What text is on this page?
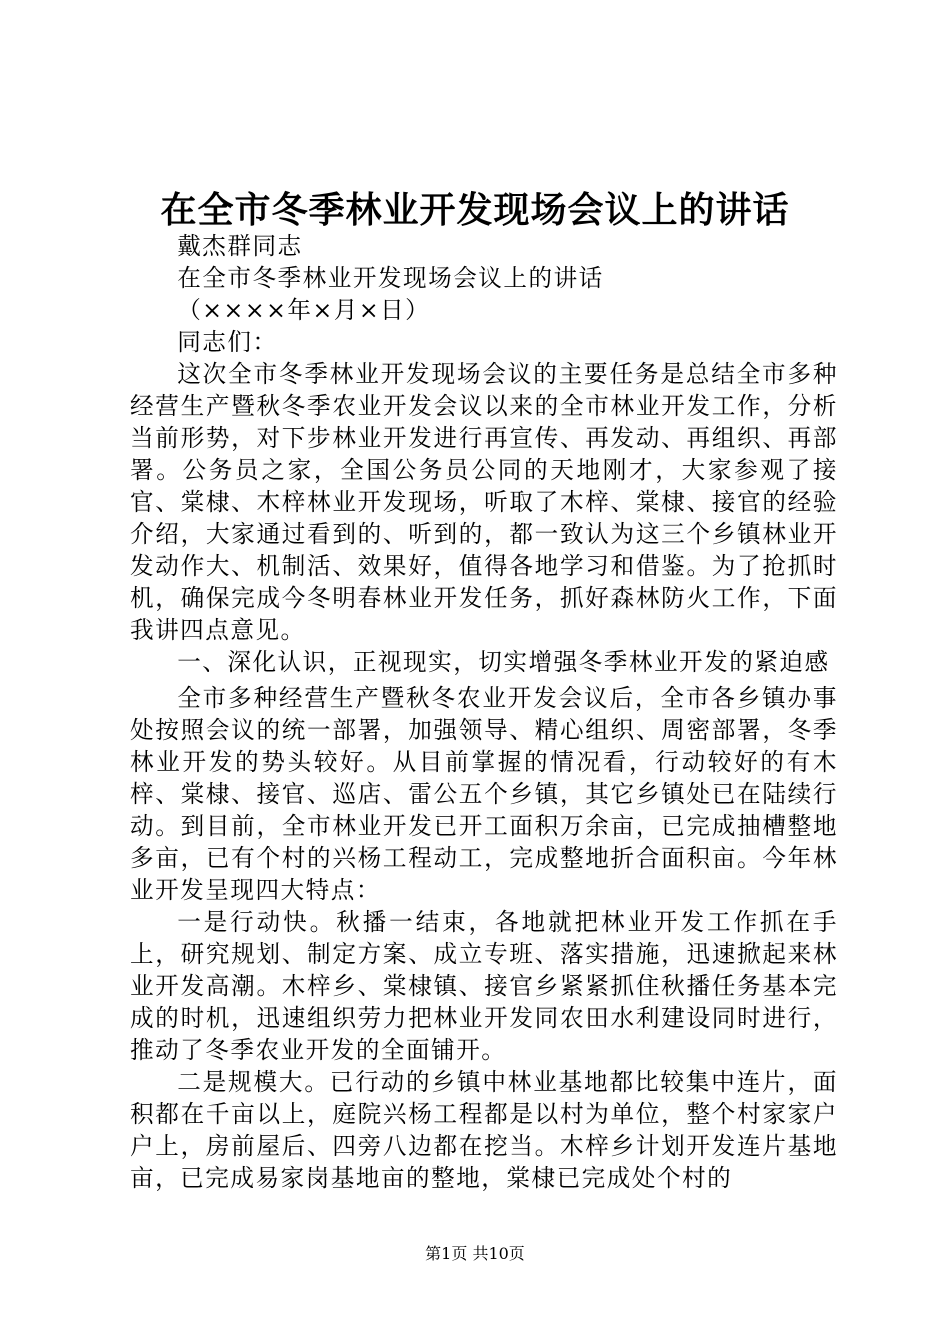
在全市冬季林业开发现场会议上的讲话

戴杰群同志

在全市冬季林业开发现场会议上的讲话

（××××年×月×日）

同志们：

这次全市冬季林业开发现场会议的主要任务是总结全市多种经营生产暨秋冬季农业开发会议以来的全市林业开发工作，分析当前形势，对下步林业开发进行再宣传、再发动、再组织、再部署。公务员之家，全国公务员公同的天地刚才，大家参观了接官、棠棣、木梓林业开发现场，听取了木梓、棠棣、接官的经验介绍，大家通过看到的、听到的，都一致认为这三个乡镇林业开发动作大、机制活、效果好，值得各地学习和借鉴。为了抢抓时机，确保完成今冬明春林业开发任务，抓好森林防火工作，下面我讲四点意见。

一、深化认识，正视现实，切实增强冬季林业开发的紧迫感

全市多种经营生产暨秋冬农业开发会议后，全市各乡镇办事处按照会议的统一部署，加强领导、精心组织、周密部署，冬季林业开发的势头较好。从目前掌握的情况看，行动较好的有木梓、棠棣、接官、巡店、雷公五个乡镇，其它乡镇处已在陆续行动。到目前，全市林业开发已开工面积万余亩，已完成抽槽整地多亩，已有个村的兴杨工程动工，完成整地折合面积亩。今年林业开发呈现四大特点：

一是行动快。秋播一结束，各地就把林业开发工作抓在手上，研究规划、制定方案、成立专班、落实措施，迅速掀起来林业开发高潮。木梓乡、棠棣镇、接官乡紧紧抓住秋播任务基本完成的时机，迅速组织劳力把林业开发同农田水利建设同时进行，推动了冬季农业开发的全面铺开。

二是规模大。已行动的乡镇中林业基地都比较集中连片，面积都在千亩以上，庭院兴杨工程都是以村为单位，整个村家家户户上，房前屋后、四旁八边都在挖当。木梓乡计划开发连片基地亩，已完成易家岗基地亩的整地，棠棣已完成处个村的

第1页 共10页
